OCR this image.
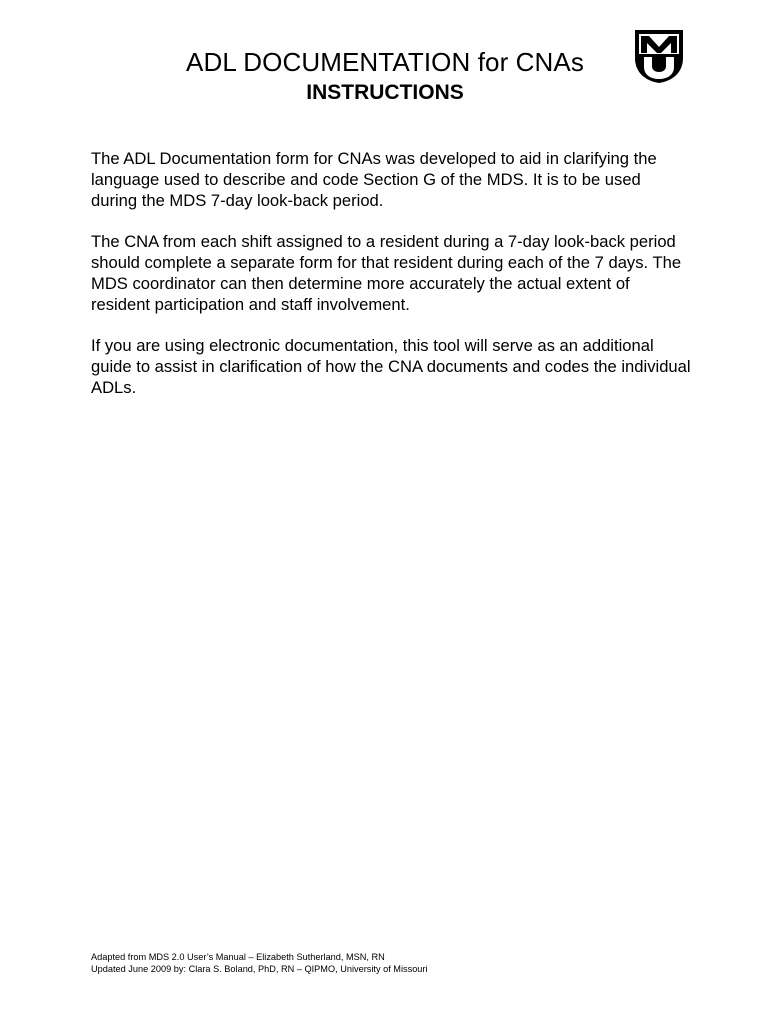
ADL DOCUMENTATION for CNAs
INSTRUCTIONS

The ADL Documentation form for CNAs was developed to aid in clarifying the language used to describe and code Section G of the MDS. It is to be used during the MDS 7-day look-back period.

The CNA from each shift assigned to a resident during a 7-day look-back period should complete a separate form for that resident during each of the 7 days. The MDS coordinator can then determine more accurately the actual extent of resident participation and staff involvement.

If you are using electronic documentation, this tool will serve as an additional guide to assist in clarification of how the CNA documents and codes the individual ADLs.

Adapted from MDS 2.0 User’s Manual – Elizabeth Sutherland, MSN, RN
Updated June 2009 by: Clara S. Boland, PhD, RN – QIPMO, University of Missouri
